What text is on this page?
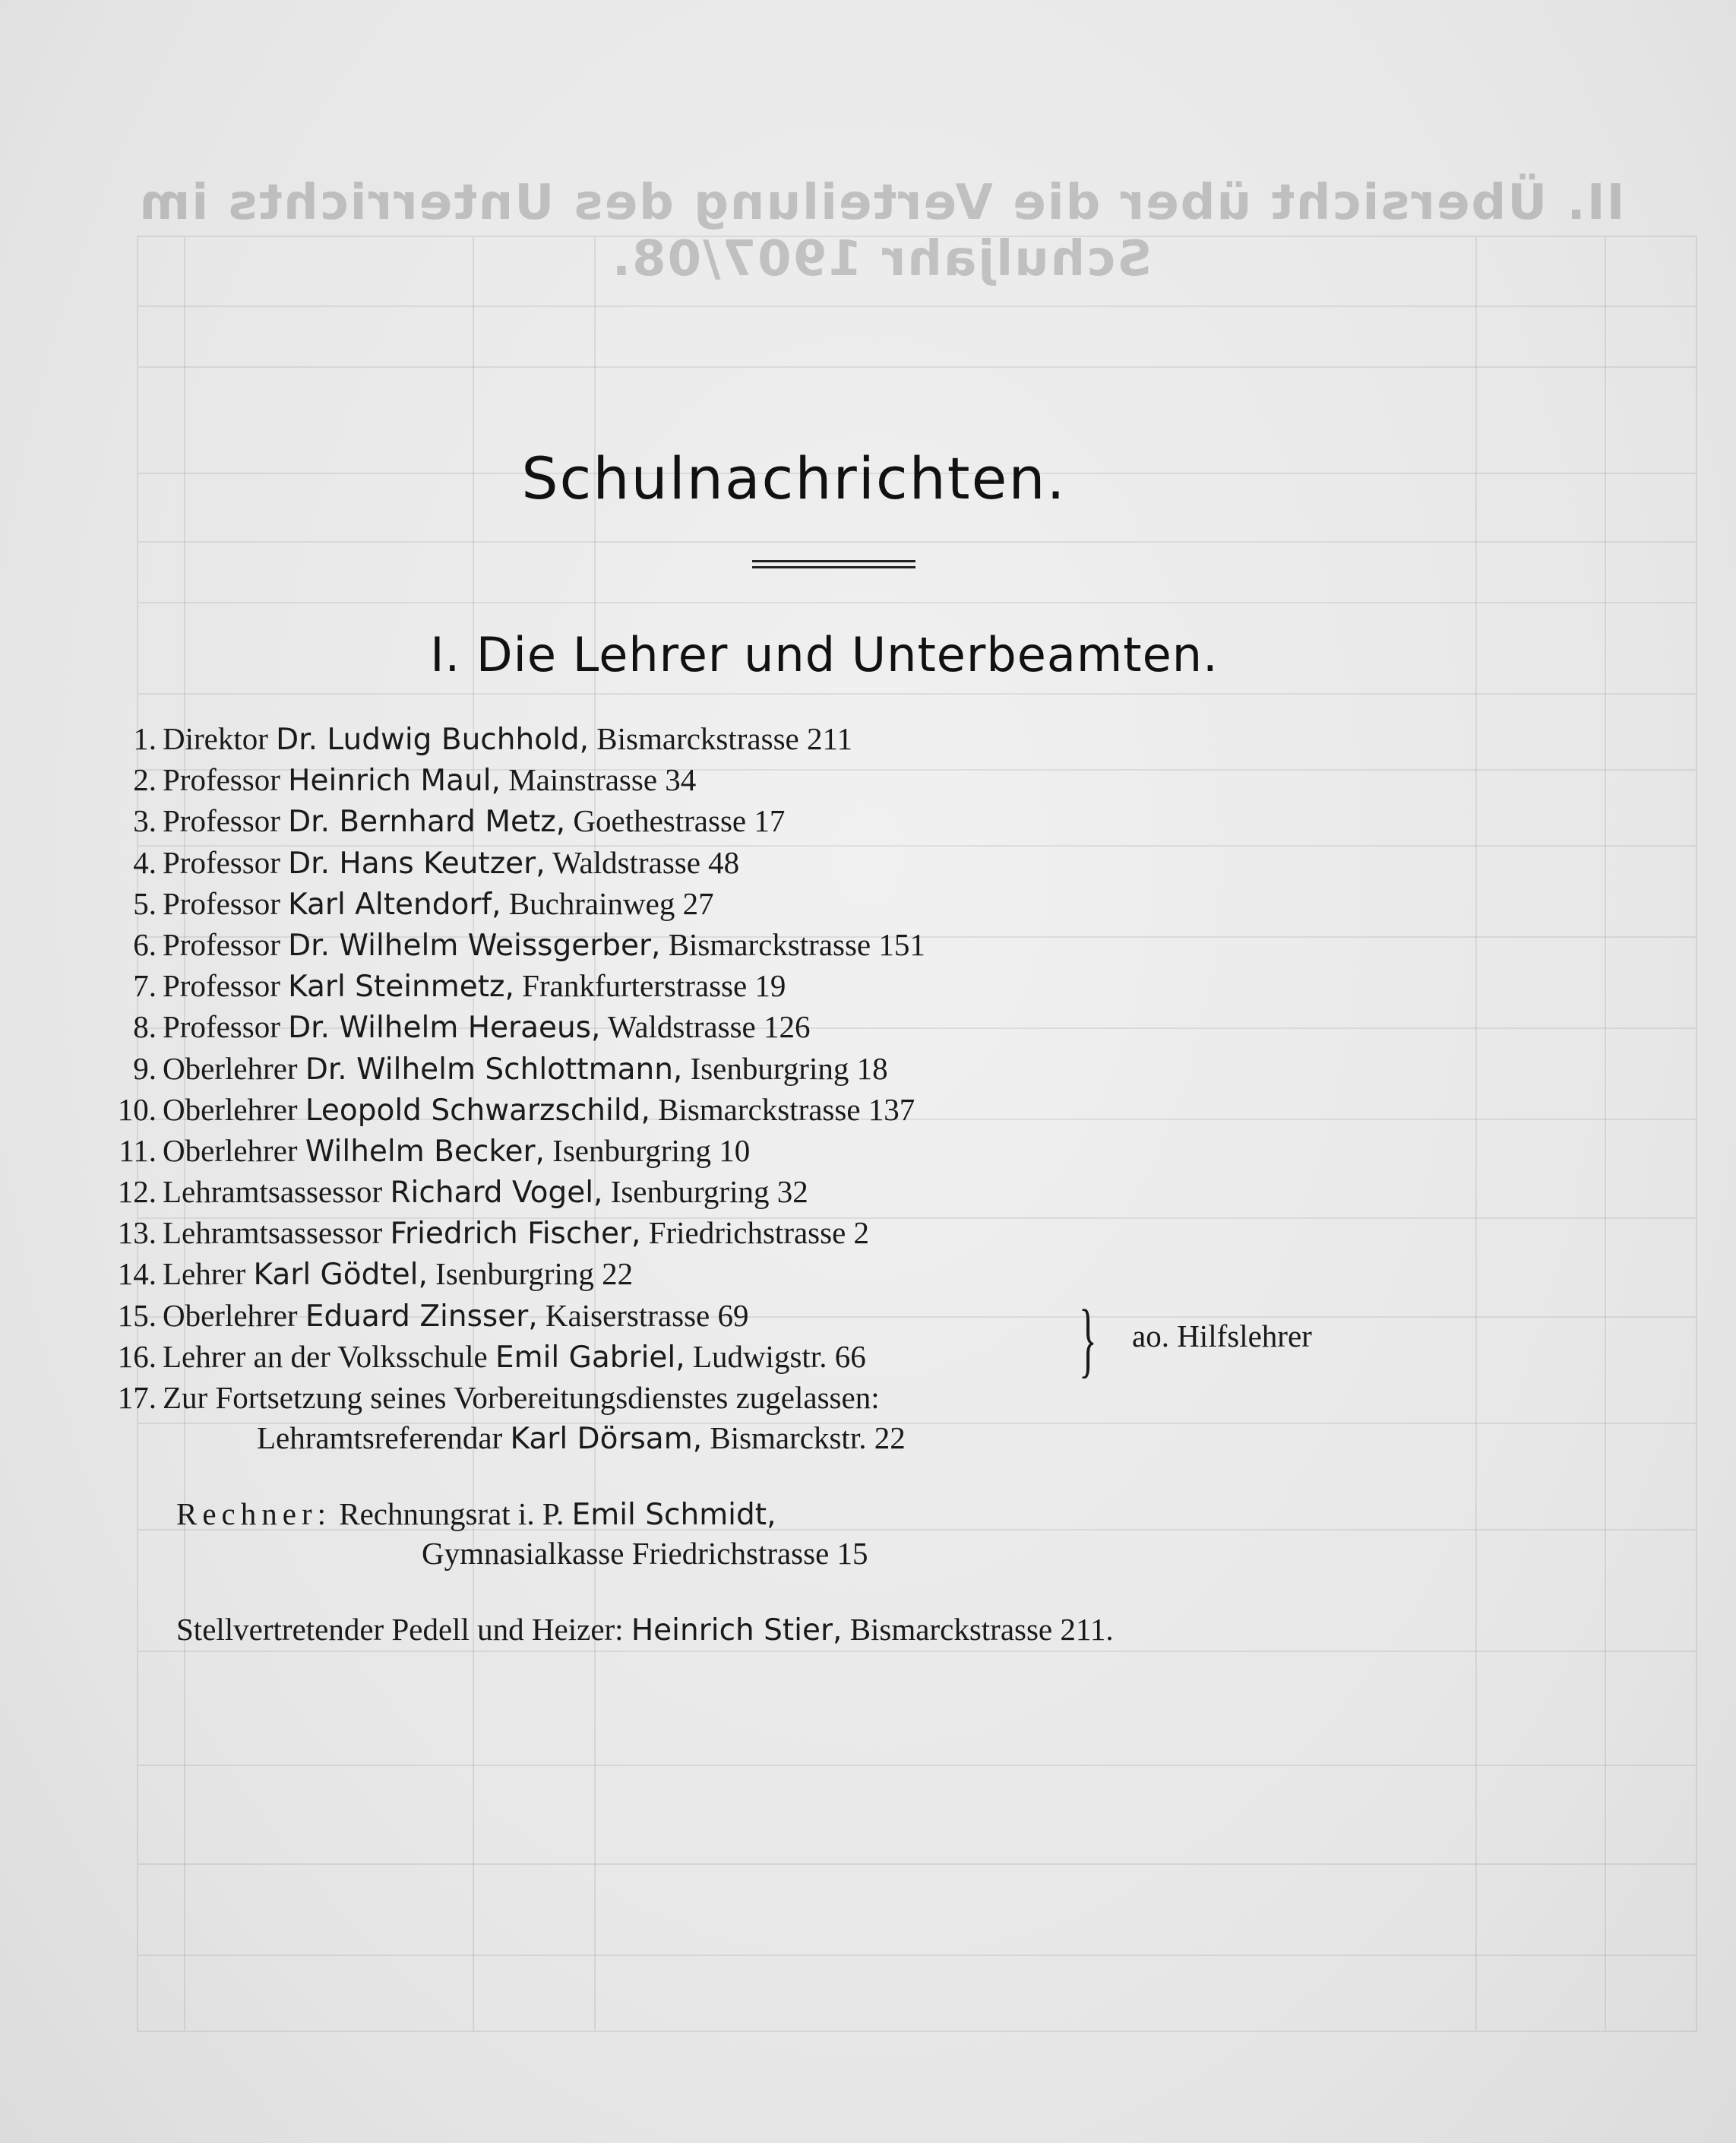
II. Übersicht über die Verteilung des Unterrichts im Schuljahr 1907/08.
Schulnachrichten.
I. Die Lehrer und Unterbeamten.
1. Direktor Dr. Ludwig Buchhold, Bismarckstrasse 211
2. Professor Heinrich Maul, Mainstrasse 34
3. Professor Dr. Bernhard Metz, Goethestrasse 17
4. Professor Dr. Hans Keutzer, Waldstrasse 48
5. Professor Karl Altendorf, Buchrainweg 27
6. Professor Dr. Wilhelm Weissgerber, Bismarckstrasse 151
7. Professor Karl Steinmetz, Frankfurterstrasse 19
8. Professor Dr. Wilhelm Heraeus, Waldstrasse 126
9. Oberlehrer Dr. Wilhelm Schlottmann, Isenburgring 18
10. Oberlehrer Leopold Schwarzschild, Bismarckstrasse 137
11. Oberlehrer Wilhelm Becker, Isenburgring 10
12. Lehramtsassessor Richard Vogel, Isenburgring 32
13. Lehramtsassessor Friedrich Fischer, Friedrichstrasse 2
14. Lehrer Karl Gödtel, Isenburgring 22
15. Oberlehrer Eduard Zinsser, Kaiserstrasse 69
16. Lehrer an der Volksschule Emil Gabriel, Ludwigstr. 66
17. Zur Fortsetzung seines Vorbereitungsdienstes zugelassen:
} ao. Hilfslehrer
Lehramtsreferendar Karl Dörsam, Bismarckstr. 22
Rechner: Rechnungsrat i. P. Emil Schmidt,
Gymnasialkasse Friedrichstrasse 15
Stellvertretender Pedell und Heizer: Heinrich Stier, Bismarckstrasse 211.
